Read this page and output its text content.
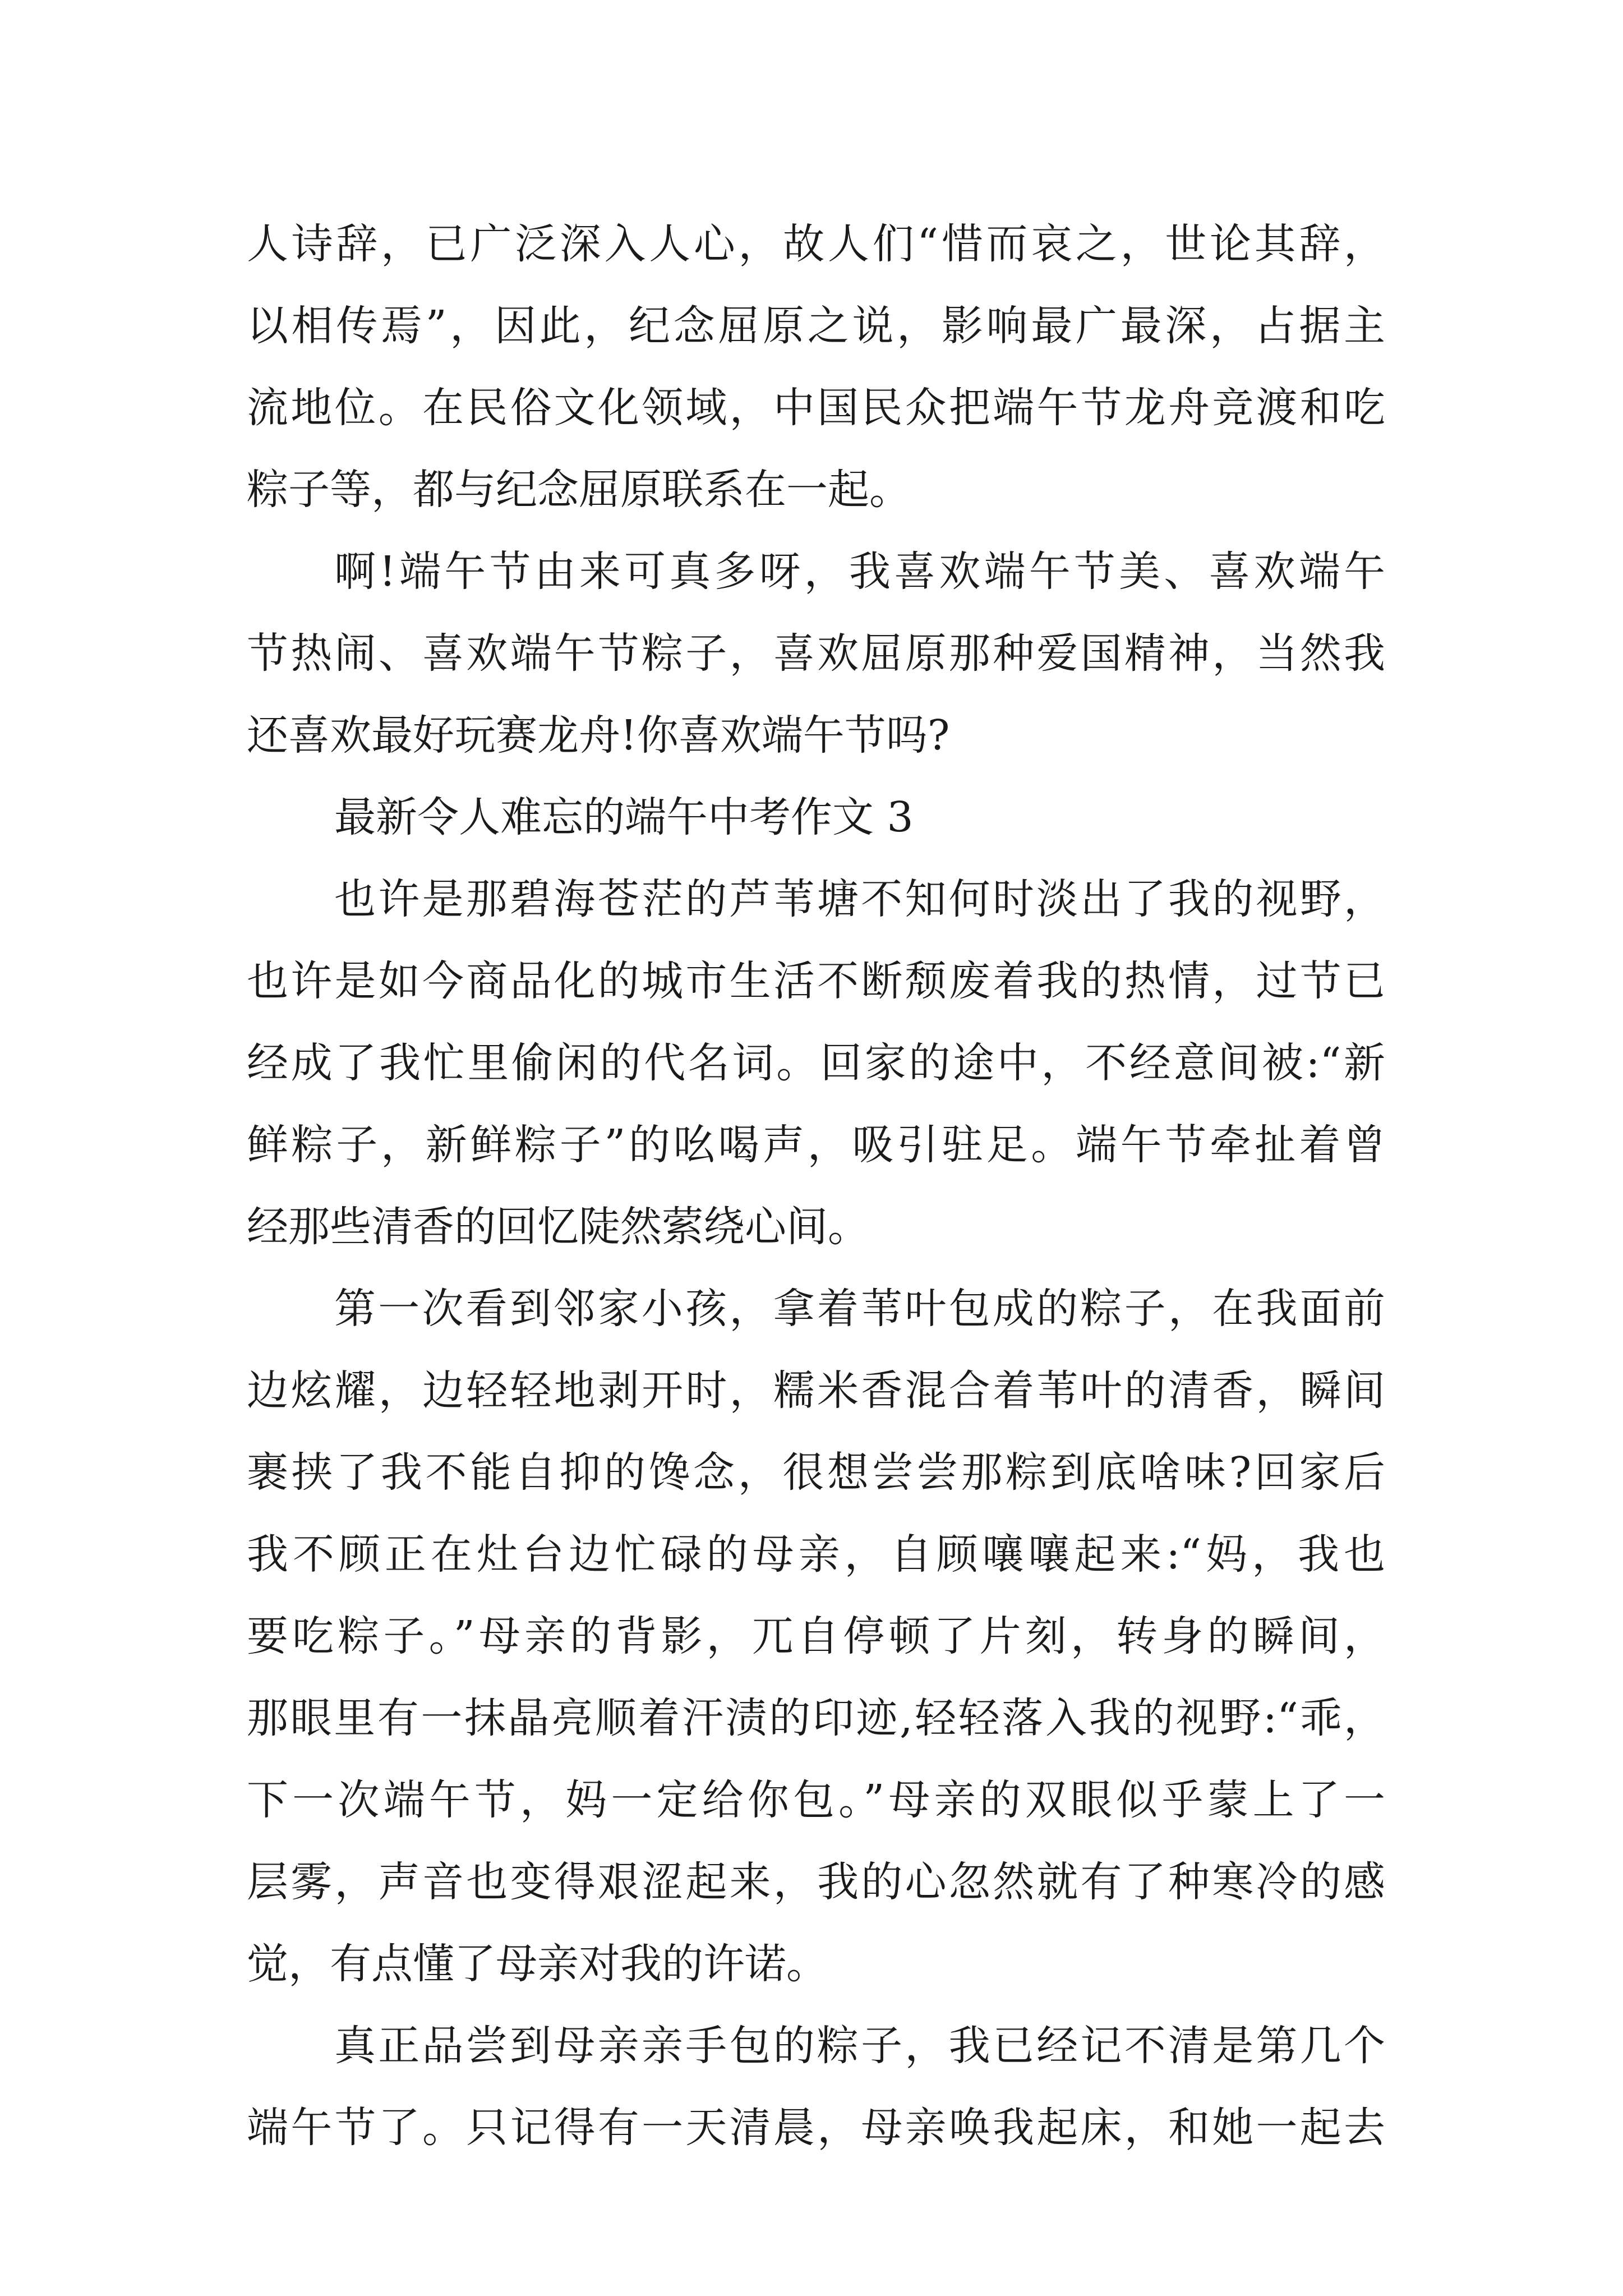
人诗辞，已广泛深入人心，故人们“惜而哀之，世论其辞，
以相传焉”，因此，纪念屈原之说，影响最广最深，占据主
流地位。在民俗文化领域，中国民众把端午节龙舟竞渡和吃
粽子等，都与纪念屈原联系在一起。
啊!端午节由来可真多呀，我喜欢端午节美、喜欢端午
节热闹、喜欢端午节粽子，喜欢屈原那种爱国精神，当然我
还喜欢最好玩赛龙舟!你喜欢端午节吗?
最新令人难忘的端午中考作文 3
也许是那碧海苍茫的芦苇塘不知何时淡出了我的视野，
也许是如今商品化的城市生活不断颓废着我的热情，过节已
经成了我忙里偷闲的代名词。回家的途中，不经意间被:“新
鲜粽子，新鲜粽子”的吆喝声，吸引驻足。端午节牵扯着曾
经那些清香的回忆陡然萦绕心间。
第一次看到邻家小孩，拿着苇叶包成的粽子，在我面前
边炫耀，边轻轻地剥开时，糯米香混合着苇叶的清香，瞬间
裹挟了我不能自抑的馋念，很想尝尝那粽到底啥味?回家后
我不顾正在灶台边忙碌的母亲，自顾嚷嚷起来:“妈，我也
要吃粽子。”母亲的背影，兀自停顿了片刻，转身的瞬间，
那眼里有一抹晶亮顺着汗渍的印迹,轻轻落入我的视野:“乖，
下一次端午节，妈一定给你包。”母亲的双眼似乎蒙上了一
层雾，声音也变得艰涩起来，我的心忽然就有了种寒冷的感
觉，有点懂了母亲对我的许诺。
真正品尝到母亲亲手包的粽子，我已经记不清是第几个
端午节了。只记得有一天清晨，母亲唤我起床，和她一起去
